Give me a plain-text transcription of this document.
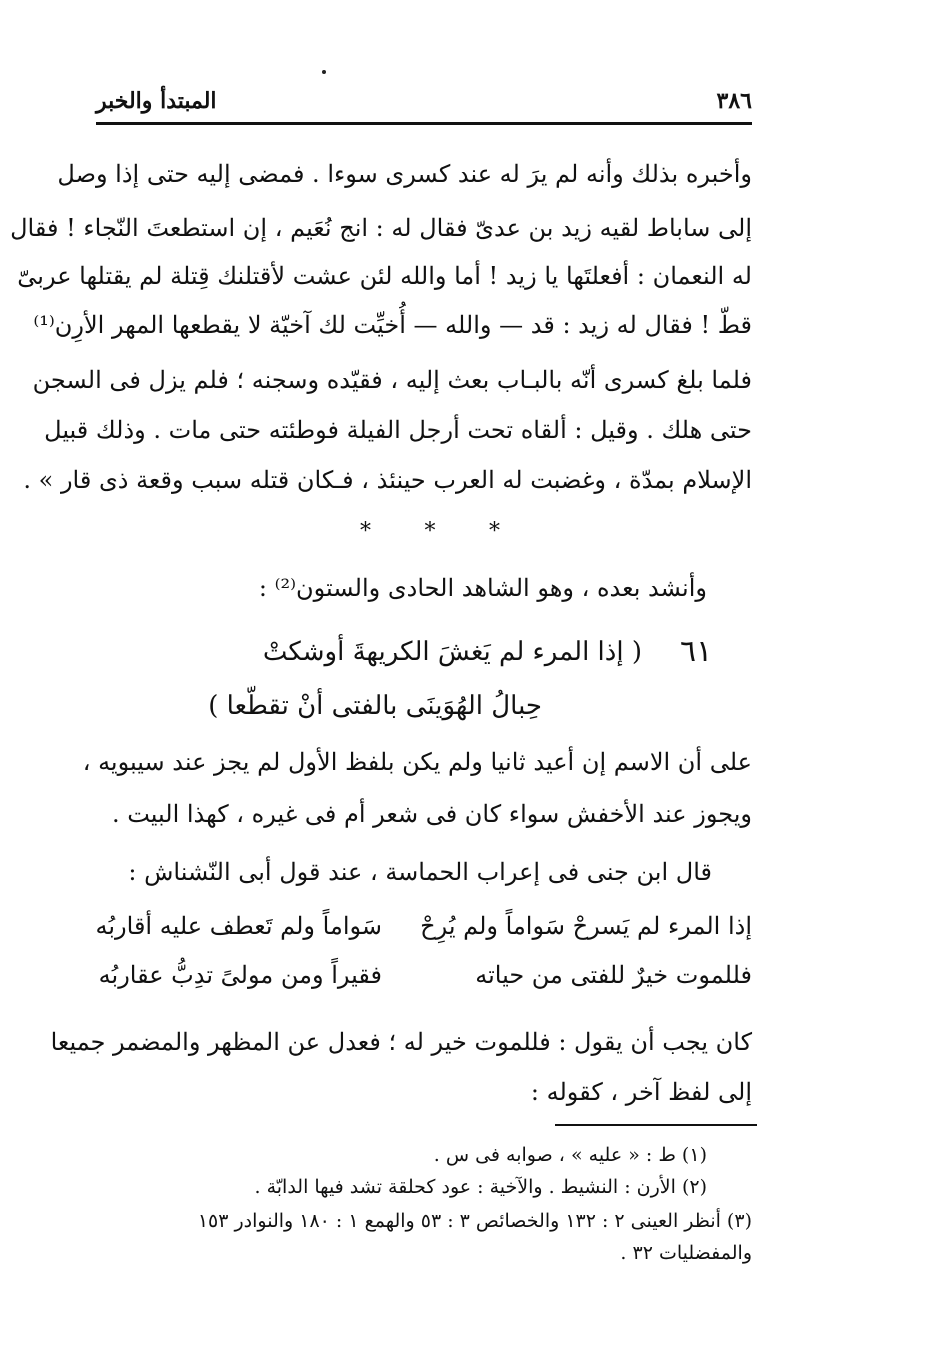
٣٨٦
المبتدأ والخبر
وأخبره بذلك وأنه لم يرَ له عند كسرى سوءا . فمضى إليه حتى إذا وصل
إلى ساباط لقيه زيد بن عدىّ فقال له : انج نُعَيم ، إن استطعتَ النّجاء ! فقال
له النعمان : أفعلتَها يا زيد ! أما والله لئن عشت لأقتلنك قِتلة لم يقتلها عربىّ
قطّ ! فقال له زيد : قد — والله — أُخيِّت لك آخيّة لا يقطعها المهر الأرِن⁽¹⁾
فلما بلغ كسرى أنّه بالبـاب بعث إليه ، فقيّده وسجنه ؛ فلم يزل فى السجن
حتى هلك . وقيل : ألقاه تحت أرجل الفيلة فوطئته حتى مات . وذلك قبيل
الإسلام بمدّة ، وغضبت له العرب حينئذ ، فـكان قتله سبب وقعة ذى قار » .
* * *
وأنشد بعده ، وهو الشاهد الحادى والستون⁽²⁾ :
٦١
( إذا المرء لم يَغشَ الكريهةَ أوشكتْ
حِبالُ الهُوَينَى بالفتى أنْ تقطّعا )
على أن الاسم إن أعيد ثانيا ولم يكن بلفظ الأول لم يجز عند سيبويه ،
ويجوز عند الأخفش سواء كان فى شعر أم فى غيره ، كهذا البيت .
قال ابن جنى فى إعراب الحماسة ، عند قول أبى النّشناش :
إذا المرء لم يَسرحْ سَواماً ولم يُرِحْ
سَواماً ولم تَعطف عليه أقاربُه
فللموت خيرٌ للفتى من حياته
فقيراً ومن مولىً تدِبُّ عقاربُه
كان يجب أن يقول : فللموت خير له ؛ فعدل عن المظهر والمضمر جميعا
إلى لفظ آخر ، كقوله :
(١) ط : « عليه » ، صوابه فى س .
(٢) الأرن : النشيط . والآخية : عود كحلقة تشد فيها الدابّة .
(٣) أنظر العينى ٢ : ١٣٢ والخصائص ٣ : ٥٣ والهمع ١ : ١٨٠ والنوادر ١٥٣
والمفضليات ٣٢ .
